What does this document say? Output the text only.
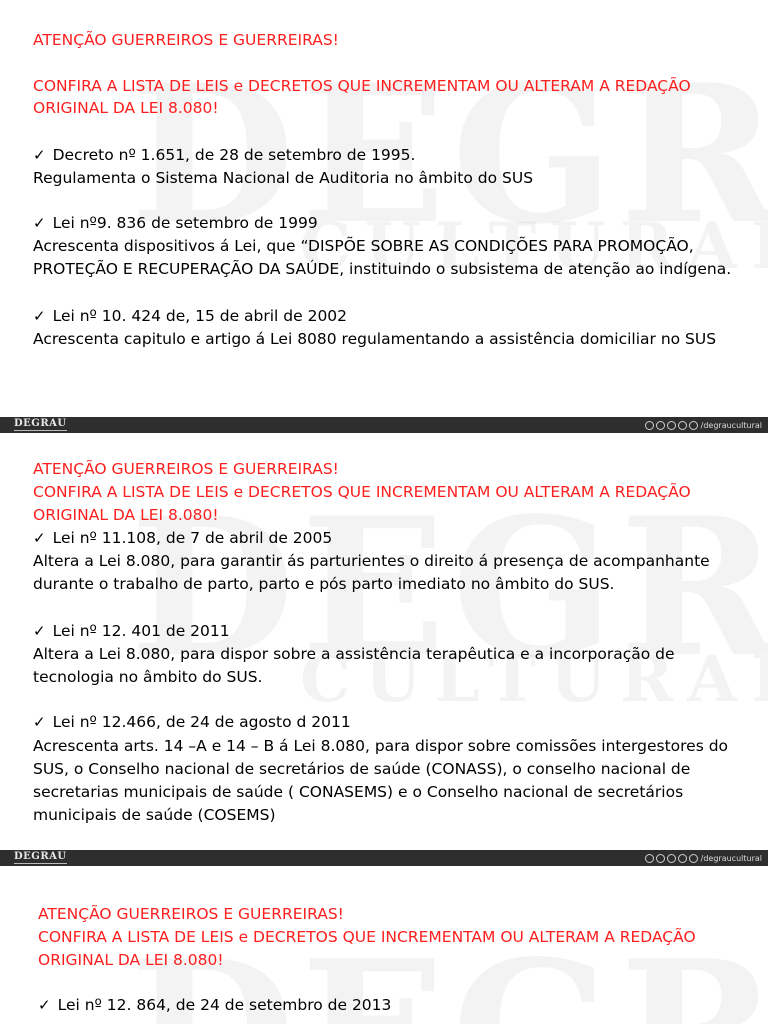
ATENÇÃO GUERREIROS E GUERREIRAS!
CONFIRA A LISTA DE LEIS e DECRETOS QUE INCREMENTAM OU ALTERAM A REDAÇÃO
ORIGINAL DA LEI 8.080!
✓ Decreto nº 1.651, de 28 de setembro de 1995.
Regulamenta o Sistema Nacional de Auditoria no âmbito do SUS
✓ Lei nº9. 836 de setembro de 1999
Acrescenta dispositivos á Lei, que “DISPÕE SOBRE AS CONDIÇÕES PARA PROMOÇÃO,
PROTEÇÃO E RECUPERAÇÃO DA SAÚDE, instituindo o subsistema de atenção ao indígena.
✓ Lei nº 10. 424 de, 15 de abril de 2002
Acrescenta capitulo e artigo á Lei 8080 regulamentando a assistência domiciliar no SUS
DEGRAU	/degraucultural
ATENÇÃO GUERREIROS E GUERREIRAS!
CONFIRA A LISTA DE LEIS e DECRETOS QUE INCREMENTAM OU ALTERAM A REDAÇÃO
ORIGINAL DA LEI 8.080!
✓ Lei nº 11.108, de 7 de abril de 2005
Altera a Lei 8.080, para garantir ás parturientes o direito á presença de acompanhante
durante o trabalho de parto, parto e pós parto imediato no âmbito do SUS.
✓ Lei nº 12. 401 de 2011
Altera a Lei 8.080, para dispor sobre a assistência terapêutica e a incorporação de
tecnologia no âmbito do SUS.
✓ Lei nº 12.466, de 24 de agosto d 2011
Acrescenta arts. 14 –A e 14 – B á Lei 8.080, para dispor sobre comissões intergestores do
SUS, o Conselho nacional de secretários de saúde (CONASS), o conselho nacional de
secretarias municipais de saúde ( CONASEMS) e o Conselho nacional de secretários
municipais de saúde (COSEMS)
DEGRAU	/degraucultural
ATENÇÃO GUERREIROS E GUERREIRAS!
CONFIRA A LISTA DE LEIS e DECRETOS QUE INCREMENTAM OU ALTERAM A REDAÇÃO
ORIGINAL DA LEI 8.080!
✓ Lei nº 12. 864, de 24 de setembro de 2013
